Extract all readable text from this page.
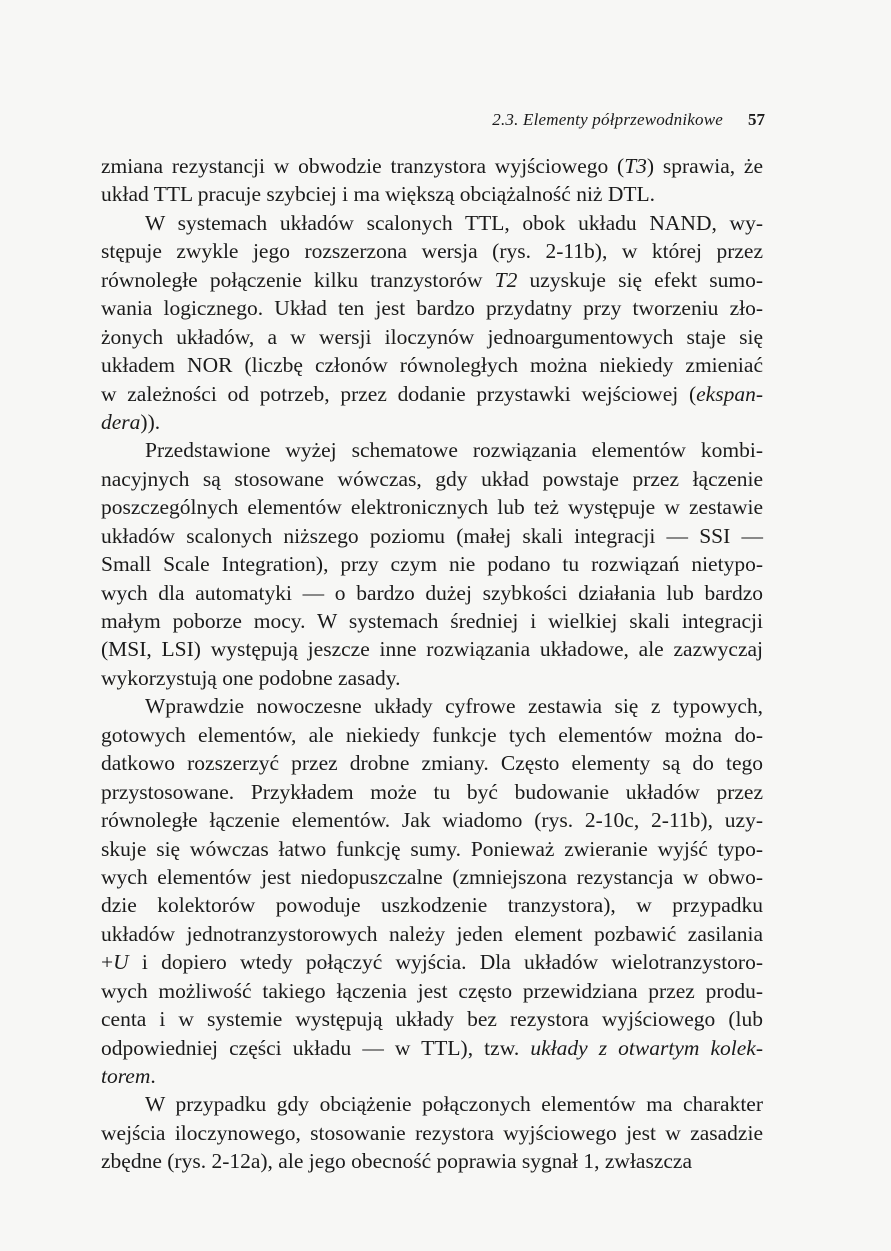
2.3. Elementy półprzewodnikowe 57
zmiana rezystancji w obwodzie tranzystora wyjściowego (T3) sprawia, że
układ TTL pracuje szybciej i ma większą obciążalność niż DTL.
W systemach układów scalonych TTL, obok układu NAND, wy-
stępuje zwykle jego rozszerzona wersja (rys. 2-11b), w której przez
równoległe połączenie kilku tranzystorów T2 uzyskuje się efekt sumo-
wania logicznego. Układ ten jest bardzo przydatny przy tworzeniu zło-
żonych układów, a w wersji iloczynów jednoargumentowych staje się
układem NOR (liczbę członów równoległych można niekiedy zmieniać
w zależności od potrzeb, przez dodanie przystawki wejściowej (ekspan-
dera)).
Przedstawione wyżej schematowe rozwiązania elementów kombi-
nacyjnych są stosowane wówczas, gdy układ powstaje przez łączenie
poszczególnych elementów elektronicznych lub też występuje w zestawie
układów scalonych niższego poziomu (małej skali integracji — SSI —
Small Scale Integration), przy czym nie podano tu rozwiązań nietypo-
wych dla automatyki — o bardzo dużej szybkości działania lub bardzo
małym poborze mocy. W systemach średniej i wielkiej skali integracji
(MSI, LSI) występują jeszcze inne rozwiązania układowe, ale zazwyczaj
wykorzystują one podobne zasady.
Wprawdzie nowoczesne układy cyfrowe zestawia się z typowych,
gotowych elementów, ale niekiedy funkcje tych elementów można do-
datkowo rozszerzyć przez drobne zmiany. Często elementy są do tego
przystosowane. Przykładem może tu być budowanie układów przez
równoległe łączenie elementów. Jak wiadomo (rys. 2-10c, 2-11b), uzy-
skuje się wówczas łatwo funkcję sumy. Ponieważ zwieranie wyjść typo-
wych elementów jest niedopuszczalne (zmniejszona rezystancja w obwo-
dzie kolektorów powoduje uszkodzenie tranzystora), w przypadku
układów jednotranzystorowych należy jeden element pozbawić zasilania
+U i dopiero wtedy połączyć wyjścia. Dla układów wielotranzystoro-
wych możliwość takiego łączenia jest często przewidziana przez produ-
centa i w systemie występują układy bez rezystora wyjściowego (lub
odpowiedniej części układu — w TTL), tzw. układy z otwartym kolek-
torem.
W przypadku gdy obciążenie połączonych elementów ma charakter
wejścia iloczynowego, stosowanie rezystora wyjściowego jest w zasadzie
zbędne (rys. 2-12a), ale jego obecność poprawia sygnał 1, zwłaszcza
